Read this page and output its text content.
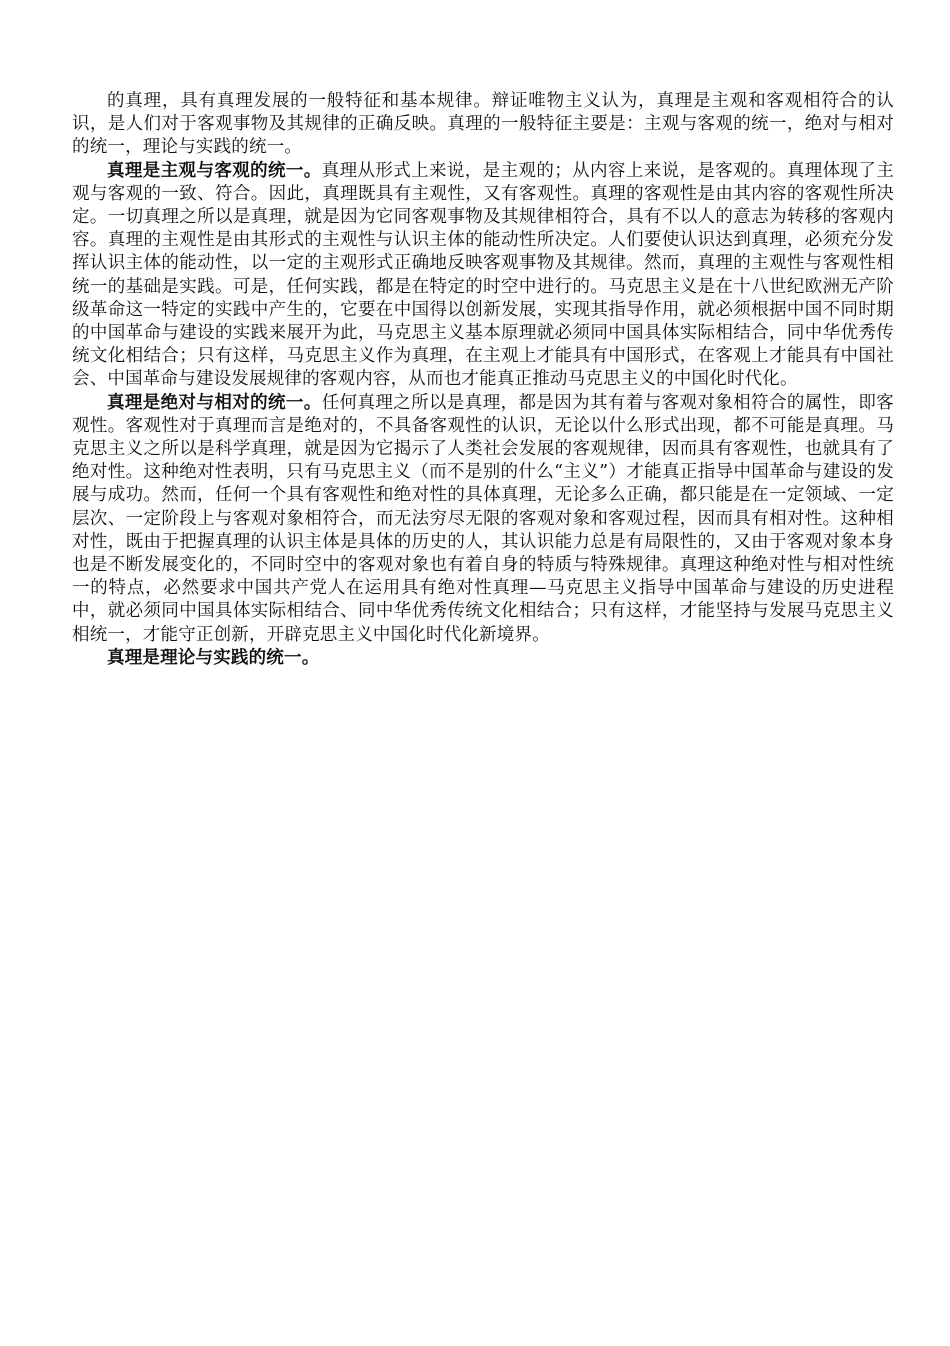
的真理，具有真理发展的一般特征和基本规律。辩证唯物主义认为，真理是主观和客观相符合的认识，是人们对于客观事物及其规律的正确反映。真理的一般特征主要是：主观与客观的统一，绝对与相对的统一，理论与实践的统一。

真理是主观与客观的统一。真理从形式上来说，是主观的；从内容上来说，是客观的。真理体现了主观与客观的一致、符合。因此，真理既具有主观性，又有客观性。真理的客观性是由其内容的客观性所决定。一切真理之所以是真理，就是因为它同客观事物及其规律相符合，具有不以人的意志为转移的客观内容。真理的主观性是由其形式的主观性与认识主体的能动性所决定。人们要使认识达到真理，必须充分发挥认识主体的能动性，以一定的主观形式正确地反映客观事物及其规律。然而，真理的主观性与客观性相统一的基础是实践。可是，任何实践，都是在特定的时空中进行的。马克思主义是在十八世纪欧洲无产阶级革命这一特定的实践中产生的，它要在中国得以创新发展，实现其指导作用，就必须根据中国不同时期的中国革命与建设的实践来展开为此，马克思主义基本原理就必须同中国具体实际相结合，同中华优秀传统文化相结合；只有这样，马克思主义作为真理，在主观上才能具有中国形式，在客观上才能具有中国社会、中国革命与建设发展规律的客观内容，从而也才能真正推动马克思主义的中国化时代化。

真理是绝对与相对的统一。任何真理之所以是真理，都是因为其有着与客观对象相符合的属性，即客观性。客观性对于真理而言是绝对的，不具备客观性的认识，无论以什么形式出现，都不可能是真理。马克思主义之所以是科学真理，就是因为它揭示了人类社会发展的客观规律，因而具有客观性，也就具有了绝对性。这种绝对性表明，只有马克思主义（而不是别的什么“主义”）才能真正指导中国革命与建设的发展与成功。然而，任何一个具有客观性和绝对性的具体真理，无论多么正确，都只能是在一定领域、一定层次、一定阶段上与客观对象相符合，而无法穷尽无限的客观对象和客观过程，因而具有相对性。这种相对性，既由于把握真理的认识主体是具体的历史的人，其认识能力总是有局限性的，又由于客观对象本身也是不断发展变化的，不同时空中的客观对象也有着自身的特质与特殊规律。真理这种绝对性与相对性统一的特点，必然要求中国共产党人在运用具有绝对性真理—马克思主义指导中国革命与建设的历史进程中，就必须同中国具体实际相结合、同中华优秀传统文化相结合；只有这样，才能坚持与发展马克思主义相统一，才能守正创新，开辟克思主义中国化时代化新境界。

真理是理论与实践的统一。
